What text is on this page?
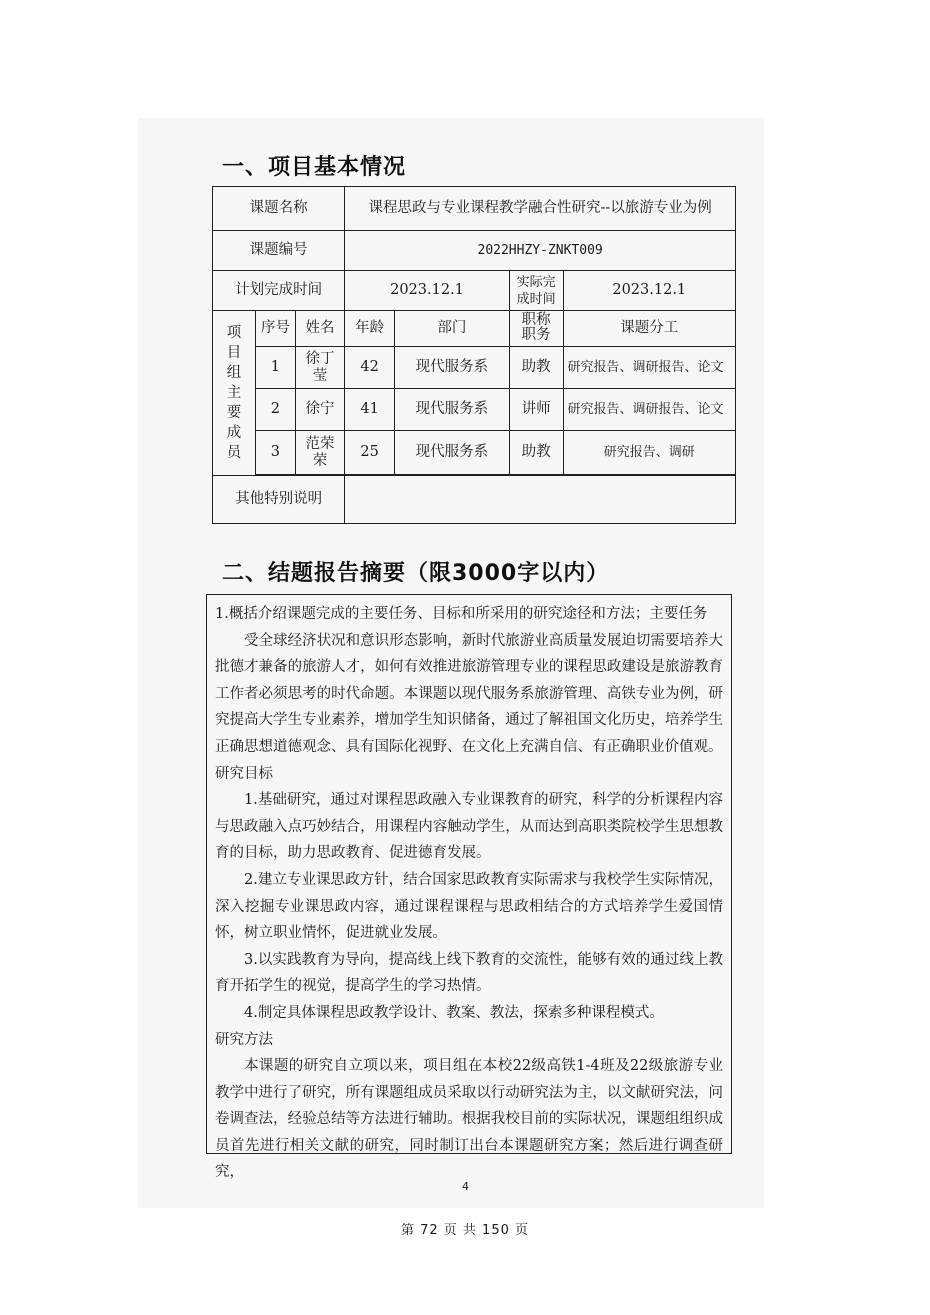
一、项目基本情况
课题名称			课程思政与专业课程教学融合性研究--以旅游专业为例			
课题编号			2022HHZY-ZNKT009			
计划完成时间			2023.12.1		实际完成时间	2023.12.1
项目组主要成员	序号	姓名	年龄	部门	职称职务	课题分工
	1	徐丁莹	42	现代服务系	助教	研究报告、调研报告、论文
	2	徐宁	41	现代服务系	讲师	研究报告、调研报告、论文
	3	范荣荣	25	现代服务系	助教	研究报告、调研

其他特别说明						
二、结题报告摘要（限3000字以内）

1.概括介绍课题完成的主要任务、目标和所采用的研究途径和方法；主要任务

受全球经济状况和意识形态影响，新时代旅游业高质量发展迫切需要培养大批德才兼备的旅游人才，如何有效推进旅游管理专业的课程思政建设是旅游教育工作者必须思考的时代命题。本课题以现代服务系旅游管理、高铁专业为例，研究提高大学生专业素养，增加学生知识储备，通过了解祖国文化历史，培养学生正确思想道德观念、具有国际化视野、在文化上充满自信、有正确职业价值观。

研究目标

1.基础研究，通过对课程思政融入专业课教育的研究，科学的分析课程内容与思政融入点巧妙结合，用课程内容触动学生，从而达到高职类院校学生思想教育的目标，助力思政教育、促进德育发展。

2.建立专业课思政方针，结合国家思政教育实际需求与我校学生实际情况，深入挖掘专业课思政内容，通过课程课程与思政相结合的方式培养学生爱国情怀，树立职业情怀，促进就业发展。

3.以实践教育为导向，提高线上线下教育的交流性，能够有效的通过线上教育开拓学生的视觉，提高学生的学习热情。

4.制定具体课程思政教学设计、教案、教法，探索多种课程模式。

研究方法

本课题的研究自立项以来，项目组在本校22级高铁1-4班及22级旅游专业教学中进行了研究，所有课题组成员采取以行动研究法为主，以文献研究法，问卷调查法，经验总结等方法进行辅助。根据我校目前的实际状况，课题组组织成员首先进行相关文献的研究，同时制订出台本课题研究方案；然后进行调查研究，

4
第 72 页 共 150 页
